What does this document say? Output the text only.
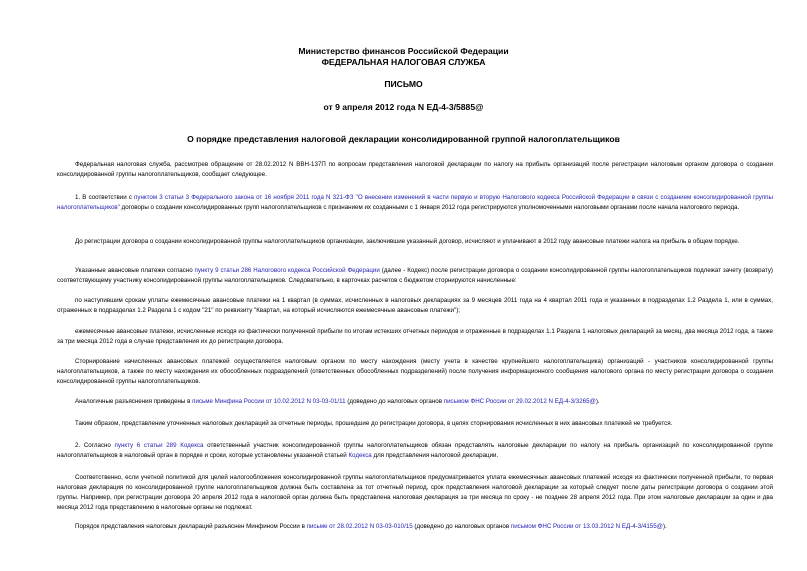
Министерство финансов Российской Федерации
ФЕДЕРАЛЬНАЯ НАЛОГОВАЯ СЛУЖБА
ПИСЬМО
от 9 апреля 2012 года N ЕД-4-3/5885@
О порядке представления налоговой декларации консолидированной группой налогоплательщиков
Федеральная налоговая служба, рассмотрев обращение от 28.02.2012 N ВВН-137П по вопросам представления налоговой декларации по налогу на прибыль организаций после регистрации налоговым органом договора о создании консолидированной группы налогоплательщиков, сообщает следующее.
1. В соответствии с пунктом 3 статьи 3 Федерального закона от 16 ноября 2011 года N 321-ФЗ "О внесении изменений в части первую и вторую Налогового кодекса Российской Федерации в связи с созданием консолидированной группы налогоплательщиков" договоры о создании консолидированных групп налогоплательщиков с признанием их созданными с 1 января 2012 года регистрируются уполномоченными налоговыми органами после начала налогового периода.
До регистрации договора о создании консолидированной группы налогоплательщиков организации, заключившие указанный договор, исчисляют и уплачивают в 2012 году авансовые платежи налога на прибыль в общем порядке.
Указанные авансовые платежи согласно пункту 9 статьи 286 Налогового кодекса Российской Федерации (далее - Кодекс) после регистрации договора о создании консолидированной группы налогоплательщиков подлежат зачету (возврату) соответствующему участнику консолидированной группы налогоплательщиков. Следовательно, в карточках расчетов с бюджетом сторнируются начисленные:
по наступившим срокам уплаты ежемесячные авансовые платежи на 1 квартал (в суммах, исчисленных в налоговых декларациях за 9 месяцев 2011 года на 4 квартал 2011 года и указанных в подразделах 1.2 Раздела 1, или в суммах, отраженных в подразделах 1.2 Раздела 1 с кодом "21" по реквизиту "Квартал, на который исчисляются ежемесячные авансовые платежи");
ежемесячные авансовые платежи, исчисленные исходя из фактически полученной прибыли по итогам истекших отчетных периодов и отраженные в подразделах 1.1 Раздела 1 налоговых деклараций за месяц, два месяца 2012 года, а также за три месяца 2012 года в случае представления их до регистрации договора.
Сторнирование начисленных авансовых платежей осуществляется налоговым органом по месту нахождения (месту учета в качестве крупнейшего налогоплательщика) организаций - участников консолидированной группы налогоплательщиков, а также по месту нахождения их обособленных подразделений (ответственных обособленных подразделений) после получения информационного сообщения налогового органа по месту регистрации договора о создании консолидированной группы налогоплательщиков.
Аналогичные разъяснения приведены в письме Минфина России от 10.02.2012 N 03-03-01/11 (доведено до налоговых органов письмом ФНС России от 29.02.2012 N ЕД-4-3/3265@).
Таким образом, представление уточненных налоговых деклараций за отчетные периоды, прошедшие до регистрации договора, в целях сторнирования исчисленных в них авансовых платежей не требуется.
2. Согласно пункту 6 статьи 289 Кодекса ответственный участник консолидированной группы налогоплательщиков обязан представлять налоговые декларации по налогу на прибыль организаций по консолидированной группе налогоплательщиков в налоговый орган в порядке и сроки, которые установлены указанной статьей Кодекса для представления налоговой декларации.
Соответственно, если учетной политикой для целей налогообложения консолидированной группы налогоплательщиков предусматривается уплата ежемесячных авансовых платежей исходя из фактически полученной прибыли, то первая налоговая декларация по консолидированной группе налогоплательщиков должна быть составлена за тот отчетный период, срок представления налоговой декларации за который следует после даты регистрации договора о создании этой группы. Например, при регистрации договора 20 апреля 2012 года в налоговой орган должна быть представлена налоговая декларация за три месяца по сроку - не позднее 28 апреля 2012 года. При этом налоговые декларации за один и два месяца 2012 года представлению в налоговые органы не подлежат.
Порядок представления налоговых деклараций разъяснен Минфином России в письме от 28.02.2012 N 03-03-010/15 (доведено до налоговых органов письмом ФНС России от 13.03.2012 N ЕД-4-3/4155@).
